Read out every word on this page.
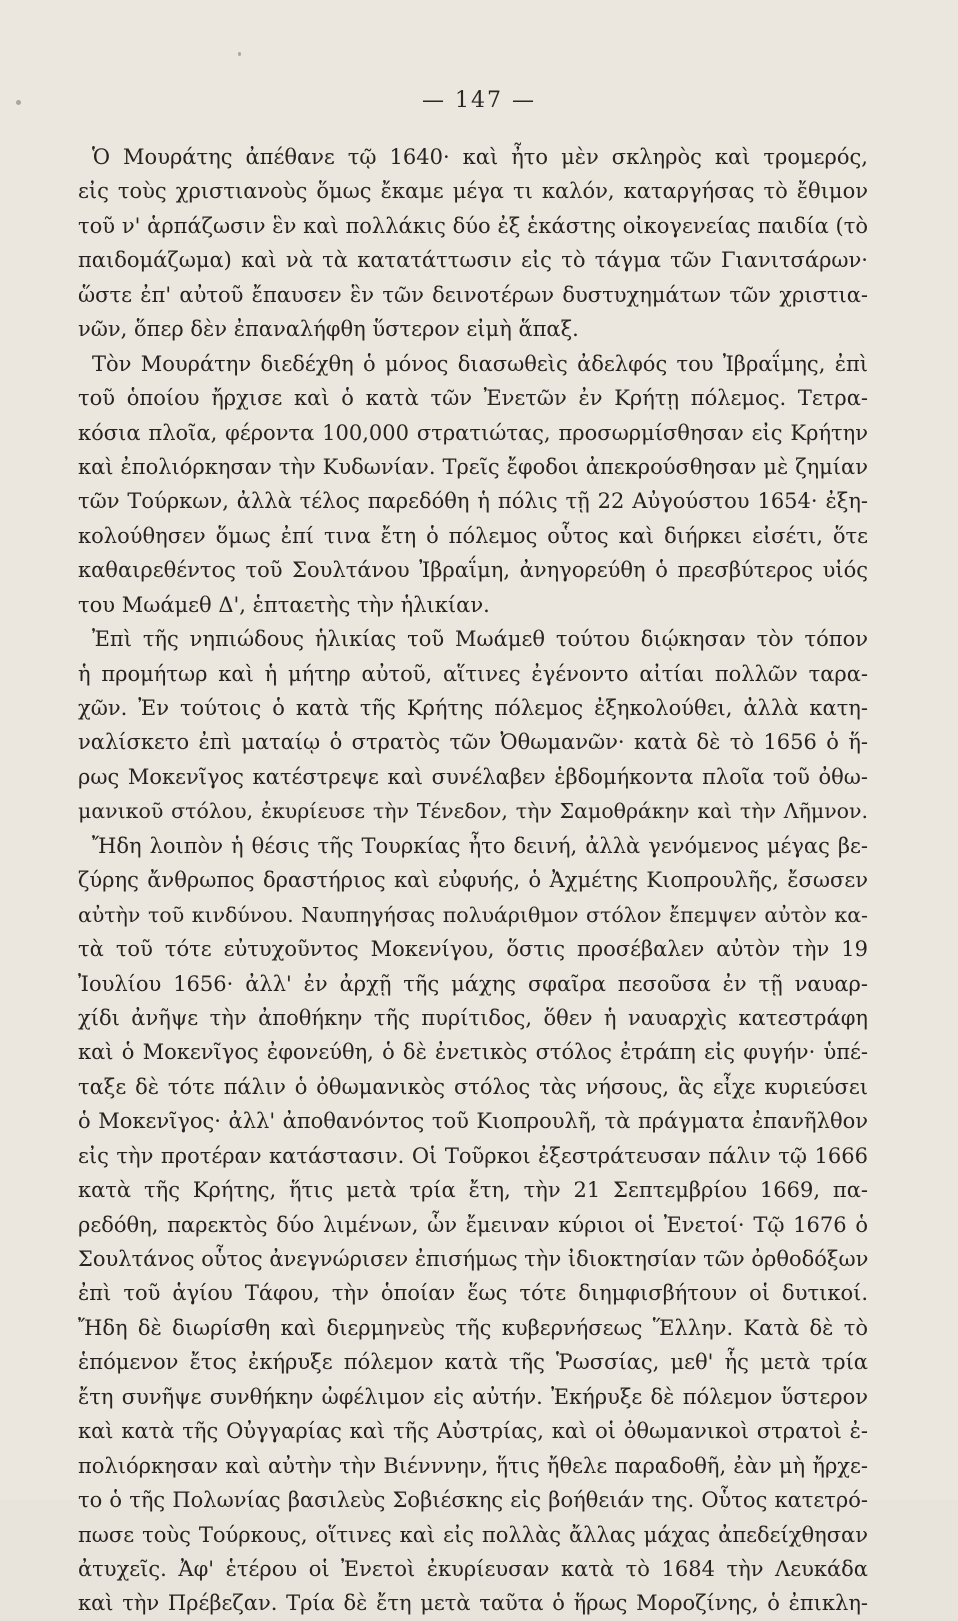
— 147 —
Ὁ Μουράτης ἀπέθανε τῷ 1640· καὶ ἦτο μὲν σκληρὸς καὶ τρομερός,
εἰς τοὺς χριστιανοὺς ὅμως ἔκαμε μέγα τι καλόν, καταργήσας τὸ ἔθιμον
τοῦ ν' ἁρπάζωσιν ἓν καὶ πολλάκις δύο ἐξ ἑκάστης οἰκογενείας παιδία (τὸ
παιδομάζωμα) καὶ νὰ τὰ κατατάττωσιν εἰς τὸ τάγμα τῶν Γιανιτσάρων·
ὥστε ἐπ' αὐτοῦ ἔπαυσεν ἓν τῶν δεινοτέρων δυστυχημάτων τῶν χριστια-
νῶν, ὅπερ δὲν ἐπαναλήφθη ὕστερον εἰμὴ ἅπαξ.
Τὸν Μουράτην διεδέχθη ὁ μόνος διασωθεὶς ἀδελφός του Ἰβραΐμης, ἐπὶ
τοῦ ὁποίου ἤρχισε καὶ ὁ κατὰ τῶν Ἐνετῶν ἐν Κρήτῃ πόλεμος. Τετρα-
κόσια πλοῖα, φέροντα 100,000 στρατιώτας, προσωρμίσθησαν εἰς Κρήτην
καὶ ἐπολιόρκησαν τὴν Κυδωνίαν. Τρεῖς ἔφοδοι ἀπεκρούσθησαν μὲ ζημίαν
τῶν Τούρκων, ἀλλὰ τέλος παρεδόθη ἡ πόλις τῇ 22 Αὐγούστου 1654· ἐξη-
κολούθησεν ὅμως ἐπί τινα ἔτη ὁ πόλεμος οὗτος καὶ διήρκει εἰσέτι, ὅτε
καθαιρεθέντος τοῦ Σουλτάνου Ἰβραΐμη, ἀνηγορεύθη ὁ πρεσβύτερος υἱός
του Μωάμεθ Δ', ἑπταετὴς τὴν ἡλικίαν.
Ἐπὶ τῆς νηπιώδους ἡλικίας τοῦ Μωάμεθ τούτου διῴκησαν τὸν τόπον
ἡ προμήτωρ καὶ ἡ μήτηρ αὐτοῦ, αἵτινες ἐγένοντο αἰτίαι πολλῶν ταρα-
χῶν. Ἐν τούτοις ὁ κατὰ τῆς Κρήτης πόλεμος ἐξηκολούθει, ἀλλὰ κατη-
ναλίσκετο ἐπὶ ματαίῳ ὁ στρατὸς τῶν Ὀθωμανῶν· κατὰ δὲ τὸ 1656 ὁ ἥ-
ρως Μοκενῖγος κατέστρεψε καὶ συνέλαβεν ἑβδομήκοντα πλοῖα τοῦ ὀθω-
μανικοῦ στόλου, ἐκυρίευσε τὴν Τένεδον, τὴν Σαμοθράκην καὶ τὴν Λῆμνον.
Ἤδη λοιπὸν ἡ θέσις τῆς Τουρκίας ἦτο δεινή, ἀλλὰ γενόμενος μέγας βε-
ζύρης ἄνθρωπος δραστήριος καὶ εὐφυής, ὁ Ἀχμέτης Κιοπρουλῆς, ἔσωσεν
αὐτὴν τοῦ κινδύνου. Ναυπηγήσας πολυάριθμον στόλον ἔπεμψεν αὐτὸν κα-
τὰ τοῦ τότε εὐτυχοῦντος Μοκενίγου, ὅστις προσέβαλεν αὐτὸν τὴν 19
Ἰουλίου 1656· ἀλλ' ἐν ἀρχῇ τῆς μάχης σφαῖρα πεσοῦσα ἐν τῇ ναυαρ-
χίδι ἀνῆψε τὴν ἀποθήκην τῆς πυρίτιδος, ὅθεν ἡ ναυαρχὶς κατεστράφη
καὶ ὁ Μοκενῖγος ἐφονεύθη, ὁ δὲ ἐνετικὸς στόλος ἐτράπη εἰς φυγήν· ὑπέ-
ταξε δὲ τότε πάλιν ὁ ὀθωμανικὸς στόλος τὰς νήσους, ἃς εἶχε κυριεύσει
ὁ Μοκενῖγος· ἀλλ' ἀποθανόντος τοῦ Κιοπρουλῆ, τὰ πράγματα ἐπανῆλθον
εἰς τὴν προτέραν κατάστασιν. Οἱ Τοῦρκοι ἐξεστράτευσαν πάλιν τῷ 1666
κατὰ τῆς Κρήτης, ἥτις μετὰ τρία ἔτη, τὴν 21 Σεπτεμβρίου 1669, πα-
ρεδόθη, παρεκτὸς δύο λιμένων, ὧν ἔμειναν κύριοι οἱ Ἐνετοί· Τῷ 1676 ὁ
Σουλτάνος οὗτος ἀνεγνώρισεν ἐπισήμως τὴν ἰδιοκτησίαν τῶν ὀρθοδόξων
ἐπὶ τοῦ ἁγίου Τάφου, τὴν ὁποίαν ἕως τότε διημφισβήτουν οἱ δυτικοί.
Ἤδη δὲ διωρίσθη καὶ διερμηνεὺς τῆς κυβερνήσεως Ἕλλην. Κατὰ δὲ τὸ
ἑπόμενον ἔτος ἐκήρυξε πόλεμον κατὰ τῆς Ῥωσσίας, μεθ' ἧς μετὰ τρία
ἔτη συνῆψε συνθήκην ὠφέλιμον εἰς αὐτήν. Ἐκήρυξε δὲ πόλεμον ὕστερον
καὶ κατὰ τῆς Οὐγγαρίας καὶ τῆς Αὐστρίας, καὶ οἱ ὀθωμανικοὶ στρατοὶ ἐ-
πολιόρκησαν καὶ αὐτὴν τὴν Βιένννην, ἥτις ἤθελε παραδοθῆ, ἐὰν μὴ ἤρχε-
το ὁ τῆς Πολωνίας βασιλεὺς Σοβιέσκης εἰς βοήθειάν της. Οὗτος κατετρό-
πωσε τοὺς Τούρκους, οἵτινες καὶ εἰς πολλὰς ἄλλας μάχας ἀπεδείχθησαν
ἀτυχεῖς. Ἀφ' ἑτέρου οἱ Ἐνετοὶ ἐκυρίευσαν κατὰ τὸ 1684 τὴν Λευκάδα
καὶ τὴν Πρέβεζαν. Τρία δὲ ἔτη μετὰ ταῦτα ὁ ἥρως Μοροζίνης, ὁ ἐπικλη-
